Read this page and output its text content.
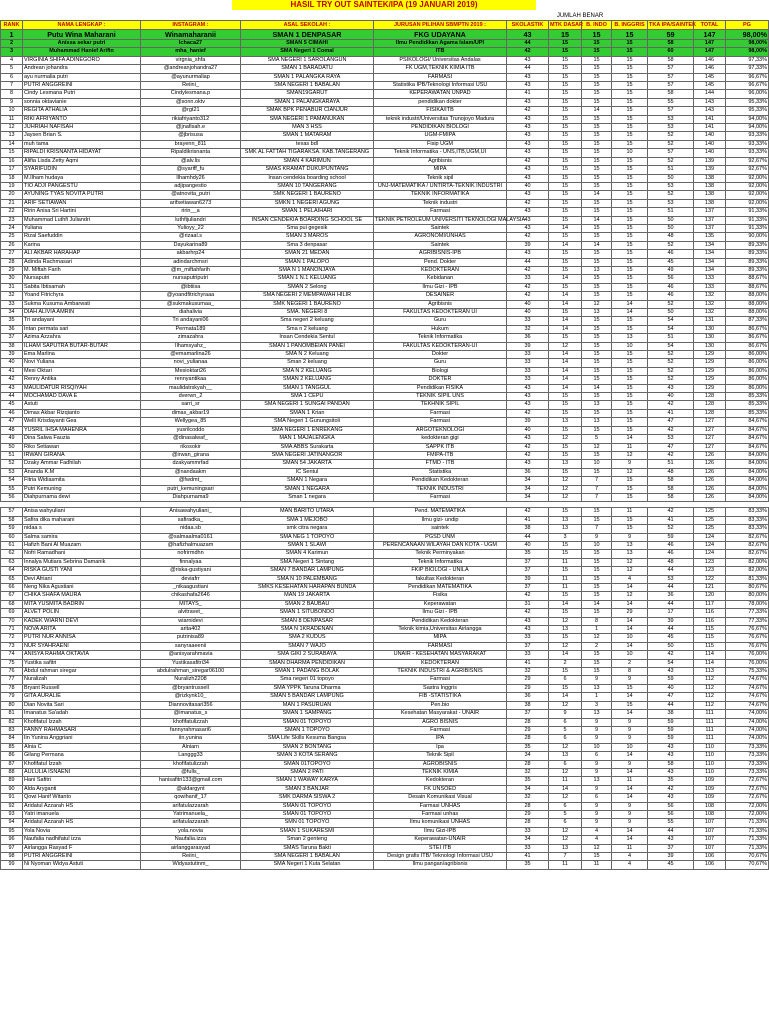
HASIL TRY OUT SAINTEK/IPA (19 JANUARI 2019)
JUMLAH BENAR
RANK	NAMA LENGKAP :	INSTAGRAM :	ASAL SEKOLAH :	JURUSAN PILIHAN SBMPTN 2019 :	SKOLASTIK	MTK DASAR	B. INDO	B. INGGRIS	TKA IPA/SAINTEK	TOTAL	PG
1	Putu Wina Maharani	Winamaharanii	SMAN 1 DENPASAR	FKG UDAYANA	43	15	15	15	59	147	98,00%
2	Anissa sekar putri	Ichaca27	SMAN 5 CIMAHI	Ilmu Pendidikan Agama Islam/UPI	44	15	15	15	58	147	98,00%
3	Muhammad Hanief Arifin	mha_hanief	SMA Negeri 1 Comal	ITB	42	15	15	15	60	147	98,00%
4	VIRGINIA SHIFA ADINEGORO	virgnia_shfa	SMA NEGERI 1 SAROLANGUN	PSIKOLOGI/ Universitas Andalas	43	15	15	15	58	146	97,33%
5	Andrean johandra	@andreanjohandra27	SMAN 1 BARADATU	FK UGM,TEKNIK KIMIA ITB	44	15	15	15	57	146	97,33%
6	ayu nurmalia putri	@ayunurmaliap	SMAN 1 PALANGKA RAYA	FARMASI	43	15	15	15	57	145	96,67%
7	PUTRI ANGGREINI	Reiini_	SMA NEGERI 1 BABALAN	Statistika IPB/Teknologi Informasi USU	43	15	15	15	57	145	96,67%
8	Cindy Lesmana Putri	Cindylesmana.p	SMAN19GARUT	KEPERAWATAN UNPAD	41	15	15	15	58	144	96,00%
9	sonnia oktavianie	@sonn.oktv	SMAN 1 PALANGKARAYA	pendidikan dokter	43	15	15	15	55	143	95,33%
10	REGITA ATHALIA	@rgt21	SMAK BPK PENABUR CIANJUR	FISIKA/ITB	42	15	14	15	57	143	95,33%
11	RIKI AFRIYANTO	rikiafriyanto312	SMA NEGERI 1 PAMANUKAN	teknik industri/Universitas Trunojoyo Madura	43	15	15	15	53	141	94,00%
12	JUHRIAH NAFISAH	@jnafisah.e	MAN 3 HSS	PENDIDIKAN BIOLOGI	43	15	15	15	53	141	94,00%
13	Jaysen Brian S.	@jbrisusa	SMAN 1 MATARAM	UGM-FMIPA	43	15	15	15	52	140	93,33%
14	muh tama	brayenn_811	texas bdl	Fisip UGM	43	15	15	15	52	140	93,33%
15	RIPALDI KRISNANTA HIDAYAT	Ripaldikrisnanta	SMK AL FATTAH TIGARAKSA. KAB.TANGERANG	Teknik Informatika - UNS,ITB,UGM,UI	43	15	15	10	57	140	93,33%
16	Alifia Lisda Zetty Aqmi	@alv.lis	SMAN 4 KARIMUN	Agribisnis	42	15	15	15	52	139	92,67%
17	SYARIFUDIN	@syariff_fu	SMAS KRAMAT DUKUPUNTANG	MIPA	43	15	15	15	51	139	92,67%
18	M.Ilham hudaya	Ilhamhdy26	Insan cendekia boarding school	Teknik sipil	43	15	15	15	50	138	92,00%
19	TIO ADJI PANGESTU	adjipangestio	SMAN 10 TANGERANG	UNJ-MATEMATIKA / UNTIRTA-TEKNIK INDUSTRI	40	15	15	15	53	138	92,00%
20	AYUNING TYAS NOVITA PUTRI	@atnovita_putri	SMK NEGERI 1 BAURENO	TEKNIK INFORMATIKA	43	15	14	15	52	138	92,00%
21	ARIF SETIAWAN	arifsetiawan6273	SMKN 1 NEGERI AGUNG	Teknik industri	42	15	15	15	53	138	92,00%
22	Ririn Anisa Sri Hartini	ririn__a	SMAN 1 PELAIHARI	Farmasi	43	15	15	15	51	137	91,33%
23	Muhammad Luthfi Juliandri	luthfijuliandri	INSAN CENDEKIA BOARDING SCHOOL SE	TEKNIK PETROLEUM UNIVERSITI TEKNOLOGI MALAYSIA	43	15	14	15	50	137	91,33%
24	Yuliana	Yulioyy_22	Sma pui gegesik	Saintek	43	14	15	15	50	137	91,33%
25	Rizal Saefuddin	@rizaal.s	SMAN 3 MAROS	AGRONOMI/UNHAS	42	15	15	15	48	135	90,00%
26	Karina	Dayukarina89	Sma 3 denpasar	Saintek	39	14	14	15	52	134	89,33%
27	ALI AKBAR HARAHAP	akbarhrp24	SMAN 21 MEDAN	AGRIBISNIS-IPB	43	15	15	15	46	134	89,33%
28	Adinda Rachmasari	adindarchmsri	SMAN 1 PALOPO	Pend. Dokter	44	15	15	15	45	134	89,33%
29	M. Miftah Farih	@m_miftahfarih	SMA N 1 MANONJAYA	KEDOKTERAN	42	15	13	15	49	134	89,33%
30	Nursaputri	nursaputriputri	SMAN 1 N.1 KELUANG	Kebidanan	33	14	15	15	56	133	88,67%
31	Sabita Ibtisamah	@ibtiisa	SMAN 2 Selong	Ilmu Gizi - IPB	42	15	15	15	46	133	88,67%
32	Yoand Fitrichyra	@yoandfitrichyraaa	SMA NEGERI 2 MEMPAWAH HILIR	DESAINER	42	14	15	15	46	132	88,00%
33	Sukma Kusuma Ambarwati	@sukmakusumaa_	SMK NEGERI 1 BAURENO	Agribisnis	40	14	12	14	52	132	88,00%
34	DIAH ALIVIA AMRIN	diahalivia	SMA. NEGERI 8	FAKULTAS KEDOKTERAN UI	40	15	13	14	50	132	88,00%
35	Tri andayani	Tri andayani06	Sma negeri 2 keluang	Guru	33	14	15	15	54	131	87,33%
36	Intan permata sari	Permata189	Sma n 2 keluang	Hukum	32	14	15	15	54	130	86,67%
37	Azima Azzahra	zimazahra	Insan Cendekia Sentul	Teknik Informatika	36	15	15	13	51	130	86,67%
38	ILHAM SAPUTRA BUTAR-BUTAR	Ilhamsyahz_	SMAN 1 PANOMBEIAN PANEI	FAKULTAS KEDOKTERAN-UI	39	12	15	10	54	130	86,67%
39	Ema Marlina	@emamarlina26	SMA N 2 Keluang	Dokter	33	14	15	15	52	129	86,00%
40	Novi Yuliana	novi_yulianaa	Sman 2 keluang	Guru	33	14	15	15	52	129	86,00%
41	Mesi Oktari	Mesioktari26	SMA N 2 KELUANG	Biologi	33	14	15	15	52	129	86,00%
42	Renny Antika	rennyantikaa	SMAN 2 KELUANG	DOKTER	33	14	15	15	52	129	86,00%
43	MAULIDATUR RISQIYAH	maulidatrskyah__	SMAN 1 TANGGUL	Pendidikan FISIKA	43	14	14	15	43	129	86,00%
44	MOCHAMAD DAVA E	dverwn_2	SMA 1 CEPU	TEKNIK SIPIL UNS	43	15	15	15	40	128	85,33%
45	Astuti	sarri_sr	SMA NEGERI 1 SUNGAI PANDAN	TEKHNIK SIPIL	43	15	13	15	42	128	85,33%
46	Dimas Akbar Rizqianto	dimas_akbar19	SMAN 1 Krian	Farmasi	42	15	15	15	41	128	85,33%
47	Welli Krisdayanti Gea	Wellygea_85	SMA Negeri 1 Gunungsitoli	Farmasi	39	13	13	15	47	127	84,67%
48	YUSRIL IHSA MAHENRA	yusrilcoddo	SMA NEGERI 1 ENREKANG	ARGOTEKNOLOGI	40	15	15	15	42	127	84,67%
49	Dina Salwa Fauzia	@dinasalwaf_	MAN 1 MAJALENGKA	kedokteran gigi	43	12	5	14	53	127	84,67%
50	Riko Setiawan	rikosokir	SMA ABBS Surakarta	SAPPK ITB	42	15	12	11	47	127	84,67%
51	IRWAN GIRANA	@irwan_girana	SMA NEGERI JATINANGOR	FMIPA-ITB	42	15	15	12	42	126	84,00%
52	Dzaky Ammar Fadhilah	dzakyammrfad	SMAN 54 JAKARTA	FTMD - ITB	43	13	10	9	51	126	84,00%
53	Ananda K.M	@nandaakm	IC Sentul	Statistika	36	15	15	12	48	126	84,00%
54	Fitria Widiasmita	@fwdmt_	SMAN 1 Negara	Pendidikan Kedokteran	34	12	7	15	58	126	84,00%
55	Putri Kemuning	putri_kemuningsari	SMAN 1 NEGARA	TEKNIK INDUSTRI	34	12	7	15	58	126	84,00%
56	Diahpurnama dewi	Diahpurnama9	Sman 1 negara	Farmasi	34	12	7	15	58	126	84,00%

57	Anisa wahyuliani	Anisawahyuliani_	MAN BARITO UTARA	Pend. MATEMATIKA	42	15	15	11	42	125	83,33%
58	Safira dika maharani	safiradka_	SMA 1 MEJOBO	Ilmu gizi- undip	41	13	15	15	41	125	83,33%
59	nidaa s	nidaa.sb	smk citra negara	saintek	38	13	7	15	52	125	83,33%
60	Salma samira	@salmaalma0161	SMA NEG 1 TOPOYO	PGSD UNM	44	3	9	9	59	124	82,67%
61	Hafizh Bani Al Muazam	@hafizhalmuazam	SMAN 1 SLAWI	PERENCANAAN WILAYAH DAN KOTA - UGM	40	15	10	13	46	124	82,67%
62	Nofri Ramadhani	nofrirmdhn	SMAN 4 Karimun	Teknik Perminyakan	35	15	15	13	46	124	82,67%
63	Innalya Mutiara Sebrina Damanik	finnalyaa	SMA Negeri 1 Sintang	Teknik Informatika	37	11	15	12	48	123	82,00%
64	RISKA GUSTI YANI	@riska-gustiyani	SMAN 7 BANDAR LAMPUNG	FKIP BIOLOGI - UNILA	37	15	15	12	44	123	82,00%
65	Devi Afriani	deviafrr	SMA N 10 PALEMBANG	fakultas Kedokteran	39	11	15	4	53	122	81,33%
66	Neng Nika Agustiani	_nikaagustiani	SMKS KESEHATAN HARAPAN BUNDA	Pendidikan MATEMATIKA	37	11	15	14	44	121	80,67%
67	CHIKA SHAFA MAURA	chikashafa2646	MAN 19 JAKARTA	Fisika	42	15	15	12	36	120	80,00%
68	MITA YUSMITA BADRIN	MITAYS_	SMAN 2 BAUBAU	Keperawatan	31	14	14	14	44	117	78,00%
69	ALVET POLIN	alvitravet_	SMAN 1 SITUBONDO	Ilmu Gizi - IPB	42	15	15	29	17	116	77,33%
70	KADEK WIARNI DEVI	wiarnidevi	SMAN 8 DENPASAR	Pendidikan Kedokteran	43	12	8	14	39	116	77,33%
71	NOVA ARITA	arita402	SMA N 1KRADENAN	Teknik kimia,Universitas Airlangga	43	13	1	14	44	115	76,67%
72	PUTRI NUR ANNISA	putrinisa89	SMA 2 KUDUS	MIPA	33	15	12	10	45	115	76,67%
73	NUR SYAHRAENI	sanyraaeenii	SMAN 7 WAJO	FARMASI	37	12	2	14	50	115	76,67%
74	ANISYA RAHMA OKTAVIA	@anisyarahmavia	SMA GIKI 2 SURABAYA	UNAIR - KESEHATAN MASYARAKAT	33	14	15	10	42	114	76,00%
75	Yustika safitri	Yustikasafitri34	SMAN DHARMA PENDIDIKAN	KEDOKTERAN	41	2	15	2	54	114	76,00%
76	Abdul rahman siregar	abdulrahman_siregar06100	SMAN 1 PADANG BOLAK	TEKNIK INDUSTRI & AGRIBISNIS	32	15	15	8	43	113	75,33%
77	Nuralizah	Nuralizh2208	Sma negeri 01 topoyo	Farmasi	29	6	9	9	59	112	74,67%
78	Bryant Russell	@bryantrussell	SMA YPPK Taruna Dharma	Sastra Inggris	29	15	13	15	40	112	74,67%
79	GITA AURALIE	@rizkynk10_	SMAN 5 BANDAR LAMPUNG	FIB -STATISTIKA	36	14	1	14	47	112	74,67%
80	Dian Novita Sari	Diannovitasari356	MAN 1 PASURUAN	Pen.bio	38	12	3	15	44	112	74,67%
81	Imanatus Sa'adah	@imanatus_s	SMAN 1 SAMPANG	Kesehatan Masyarakat - UNAIR	37	9	13	14	38	111	74,00%
82	Khofifatul Izzah	khofifatulizzah	SMAN 01 TOPOYO	AGRO BISNIS	28	6	9	9	59	111	74,00%
83	FANNY RAHMASARI	fannyrahmasari6	SMAN 1 TOPOYO	Farmasi	29	5	9	9	59	111	74,00%
84	Iin Yunina Anggriani	iin.yunina	SMA Life Skills Kesuma Bangsa	IPA	28	6	9	9	59	111	74,00%
85	Alnia C	Alniarn	SMAN 2 BONTANG	Ipa	35	12	10	10	43	110	73,33%
86	Gilang Permana	Langgg33	SMAN 3 KOTA SERANG	Teknik Sipil	34	13	6	14	43	110	73,33%
87	Khofifatul Izzah	khofifatulizzah	SMAN 01TOPOYO	AGROBISNIS	28	6	9	9	58	110	73,33%
88	AULULIA ISNAENI	@fulls_	SMAN 2 PATI	TEKNIK KIMIA	32	12	9	14	43	110	73,33%
89	Hani Safitri	hanisafitri133@gmail.com	SMAN 1 WAWAY KARYA	Kedokteran	35	11	13	11	35	109	72,67%
90	Alda Aryganti	@aldargynt	SMAN 3 BANJAR	FK UNSOED	34	14	9	14	42	109	72,67%
91	Qowi Hanif Witanto	qowihanif_17	SMK DARMA SISWA 2	Desain Komunikasi Visual	32	12	6	14	43	109	72,67%
92	Aridatul Azzarah HS	arifatulazzarah	SMAN 01 TOPOYO	Farmasi UNHAS	28	6	9	9	56	108	72,00%
93	Yatri imanuela	Yatrimanuela_	SMAN 01 TOPOYO	Farmasi unhas	29	5	9	9	56	108	72,00%
94	Aridatul Azzarah HS	arifatulazzarah	SMN 01 TOPOYO	Ilmu komunikasi UNHAS	28	6	9	9	55	107	71,33%
95	Yola Novia	yola.novia	SMAN 1 SUKARESMI	Ilmu Gizi-IPB	33	12	4	14	44	107	71,33%
96	Naufalia nadhifatul izza	Naufalia.izza	Sman 2 genteng	Keperawatan-UNAIR	34	12	4	14	43	107	71,33%
97	Airlangga Rasyad F	airlanggarasyad	SMAS Taruna Bakti	STEI ITB	33	13	12	11	37	107	71,33%
98	PUTRI ANGGREINI	Reiini_	SMA NEGERI 1 BABALAN	Design grafis ITB/ Teknologi Informasi USU	41	7	15	4	39	106	70,67%
99	Ni Nyoman Widya Astuti	Widyastutinm_	SMA Negeri 1 Kuta Selatan	Ilmu pangan/agribisnis	35	11	11	4	45	106	70,67%
